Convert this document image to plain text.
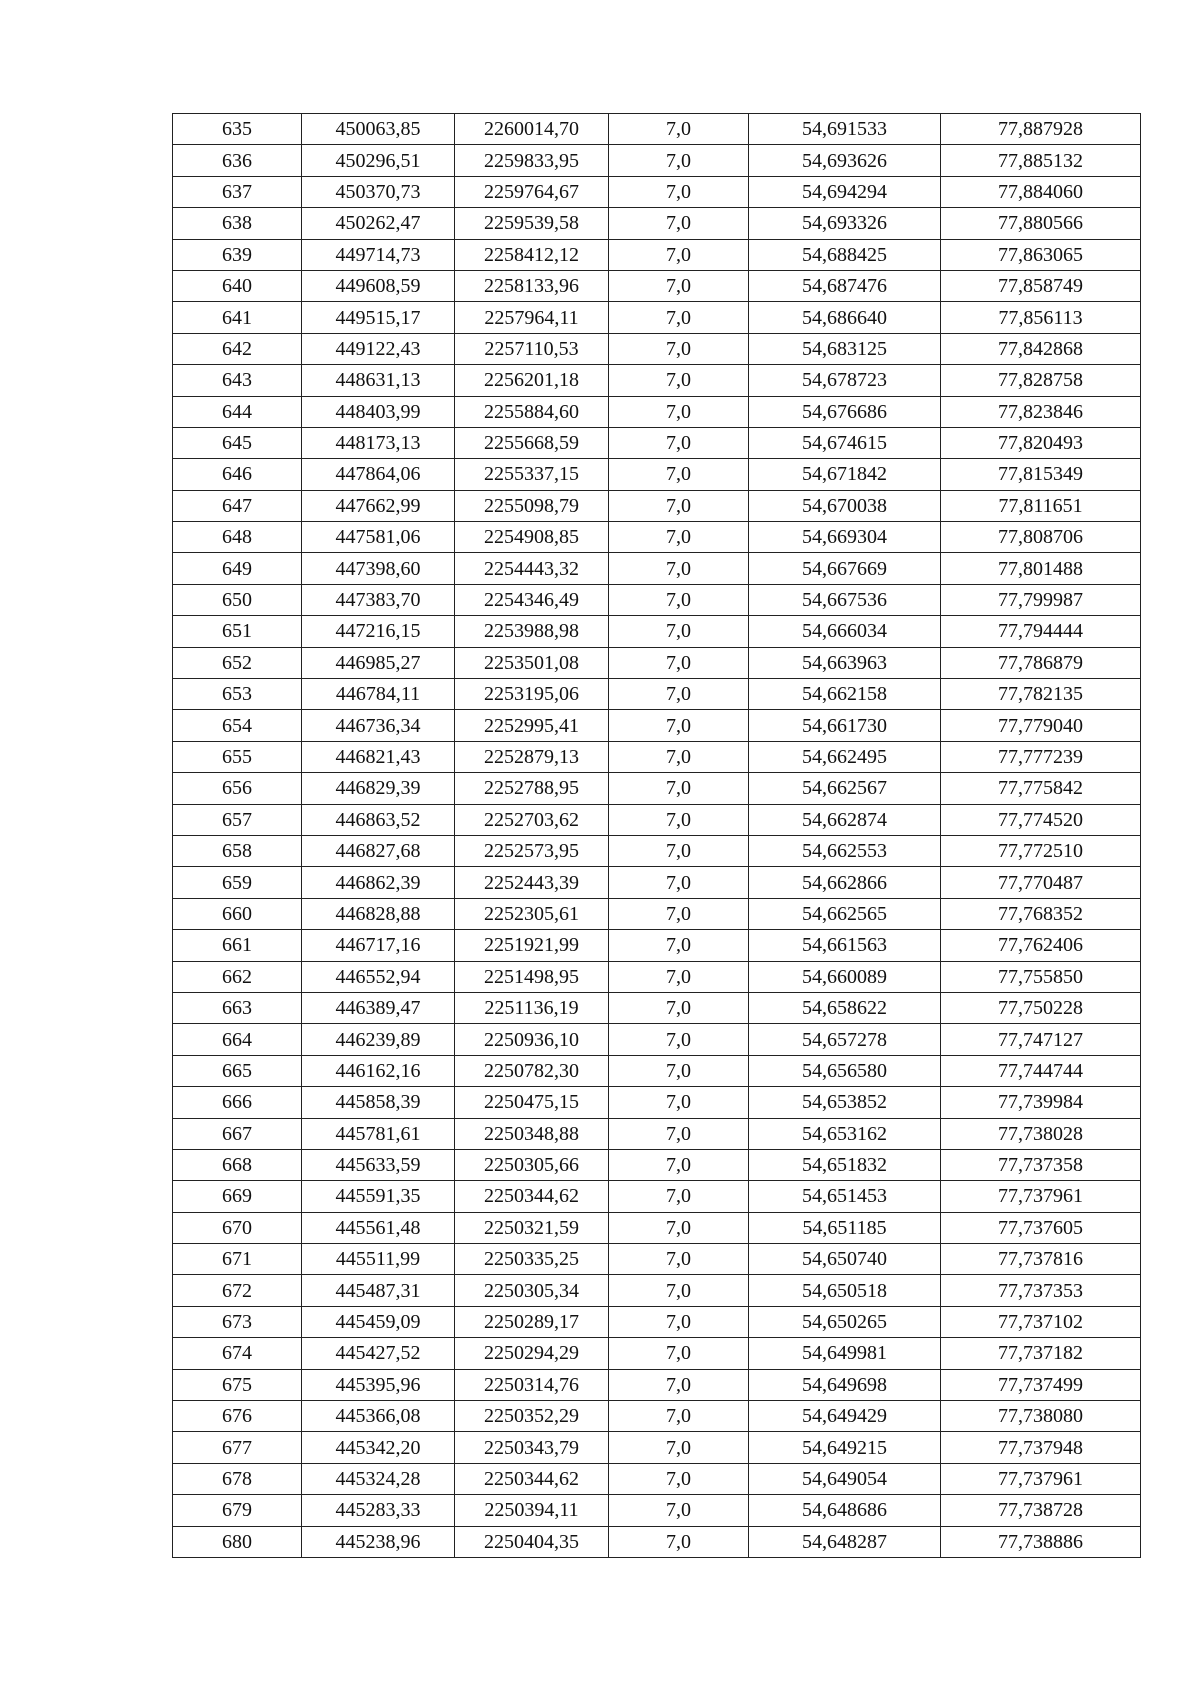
635	450063,85	2260014,70	7,0	54,691533	77,887928
636	450296,51	2259833,95	7,0	54,693626	77,885132
637	450370,73	2259764,67	7,0	54,694294	77,884060
638	450262,47	2259539,58	7,0	54,693326	77,880566
639	449714,73	2258412,12	7,0	54,688425	77,863065
640	449608,59	2258133,96	7,0	54,687476	77,858749
641	449515,17	2257964,11	7,0	54,686640	77,856113
642	449122,43	2257110,53	7,0	54,683125	77,842868
643	448631,13	2256201,18	7,0	54,678723	77,828758
644	448403,99	2255884,60	7,0	54,676686	77,823846
645	448173,13	2255668,59	7,0	54,674615	77,820493
646	447864,06	2255337,15	7,0	54,671842	77,815349
647	447662,99	2255098,79	7,0	54,670038	77,811651
648	447581,06	2254908,85	7,0	54,669304	77,808706
649	447398,60	2254443,32	7,0	54,667669	77,801488
650	447383,70	2254346,49	7,0	54,667536	77,799987
651	447216,15	2253988,98	7,0	54,666034	77,794444
652	446985,27	2253501,08	7,0	54,663963	77,786879
653	446784,11	2253195,06	7,0	54,662158	77,782135
654	446736,34	2252995,41	7,0	54,661730	77,779040
655	446821,43	2252879,13	7,0	54,662495	77,777239
656	446829,39	2252788,95	7,0	54,662567	77,775842
657	446863,52	2252703,62	7,0	54,662874	77,774520
658	446827,68	2252573,95	7,0	54,662553	77,772510
659	446862,39	2252443,39	7,0	54,662866	77,770487
660	446828,88	2252305,61	7,0	54,662565	77,768352
661	446717,16	2251921,99	7,0	54,661563	77,762406
662	446552,94	2251498,95	7,0	54,660089	77,755850
663	446389,47	2251136,19	7,0	54,658622	77,750228
664	446239,89	2250936,10	7,0	54,657278	77,747127
665	446162,16	2250782,30	7,0	54,656580	77,744744
666	445858,39	2250475,15	7,0	54,653852	77,739984
667	445781,61	2250348,88	7,0	54,653162	77,738028
668	445633,59	2250305,66	7,0	54,651832	77,737358
669	445591,35	2250344,62	7,0	54,651453	77,737961
670	445561,48	2250321,59	7,0	54,651185	77,737605
671	445511,99	2250335,25	7,0	54,650740	77,737816
672	445487,31	2250305,34	7,0	54,650518	77,737353
673	445459,09	2250289,17	7,0	54,650265	77,737102
674	445427,52	2250294,29	7,0	54,649981	77,737182
675	445395,96	2250314,76	7,0	54,649698	77,737499
676	445366,08	2250352,29	7,0	54,649429	77,738080
677	445342,20	2250343,79	7,0	54,649215	77,737948
678	445324,28	2250344,62	7,0	54,649054	77,737961
679	445283,33	2250394,11	7,0	54,648686	77,738728
680	445238,96	2250404,35	7,0	54,648287	77,738886
